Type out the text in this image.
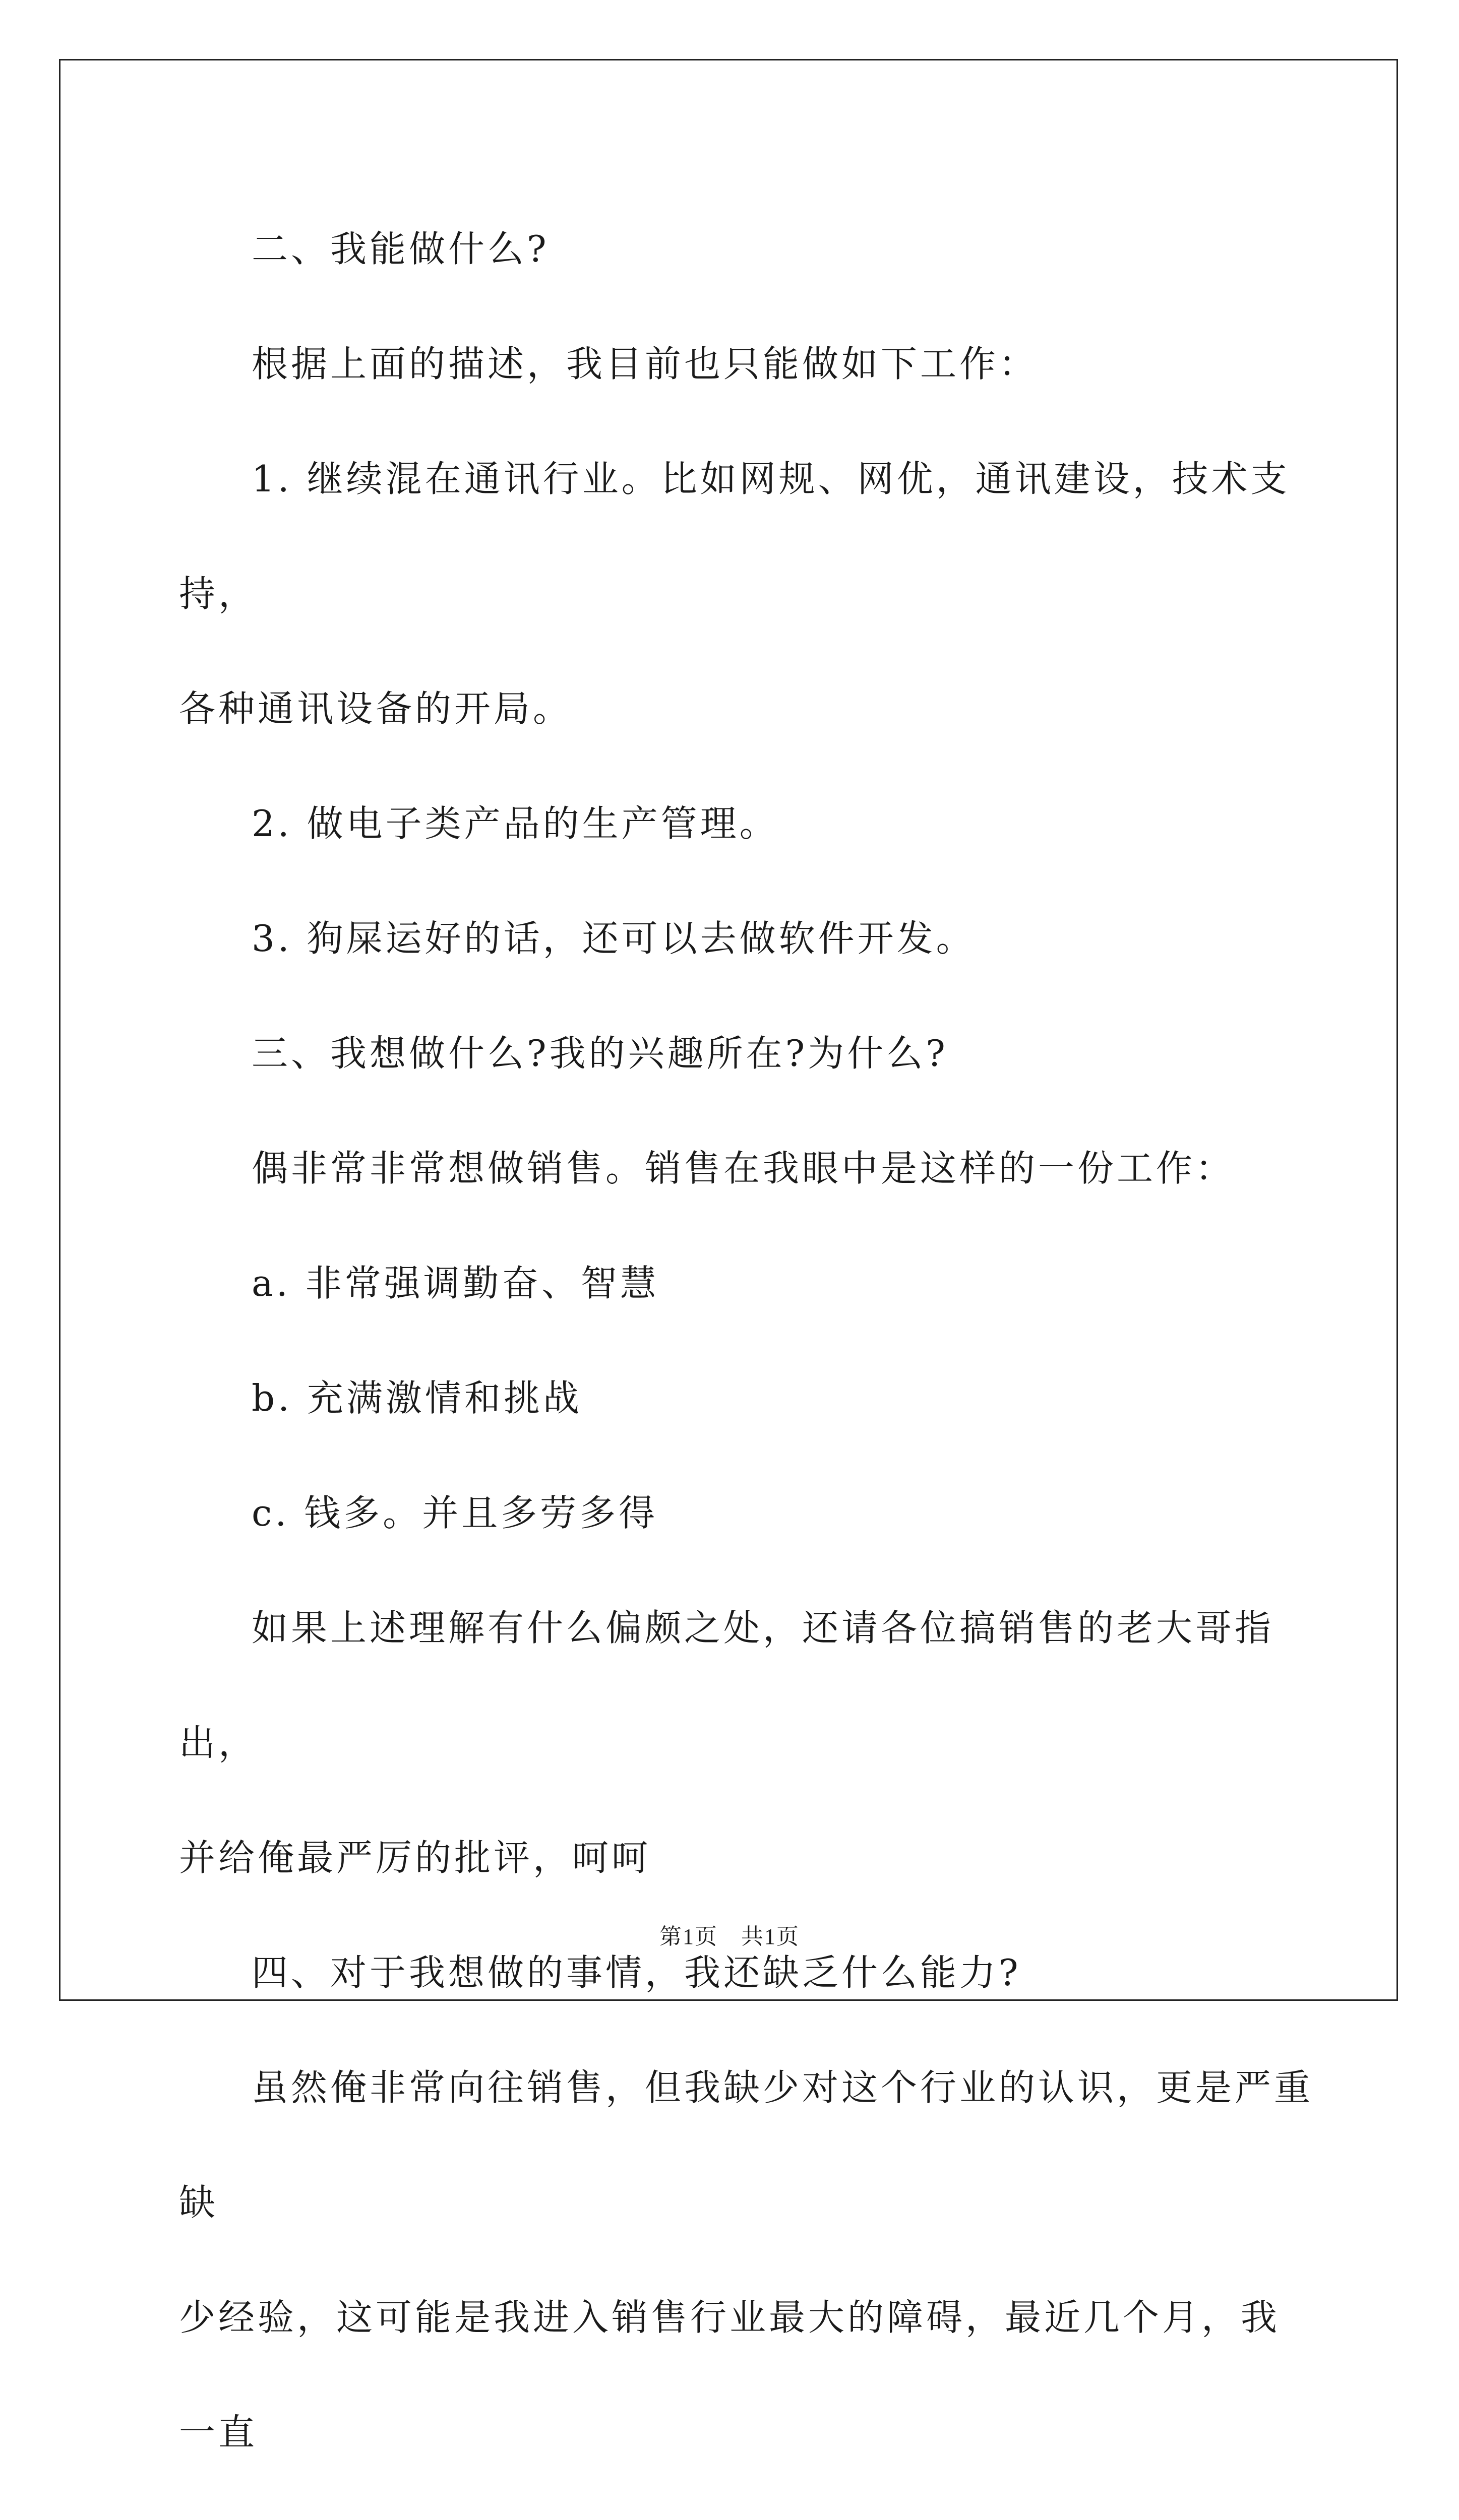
二、我能做什么?

根据上面的描述，我目前也只能做如下工作：

1. 继续混在通讯行业。比如网规、网优，通讯建设，技术支持，

各种通讯设备的开局。

2. 做电子类产品的生产管理。

3. 狗屎运好的话，还可以去做软件开发。

三、我想做什么?我的兴趣所在?为什么?

偶非常非常想做销售。销售在我眼中是这样的一份工作：

a. 非常强调勤奋、智慧

b. 充满激情和挑战

c. 钱多。并且多劳多得

如果上述理解有什么偏颇之处，还请各位搞销售的老大哥指出，

并给俺最严厉的批评，呵呵

四、对于我想做的事情，我还缺乏什么能力?

虽然俺非常向往销售，但我缺少对这个行业的认识，更是严重缺

少经验，这可能是我进入销售行业最大的障碍，最近几个月，我一直

第1页　共1页
